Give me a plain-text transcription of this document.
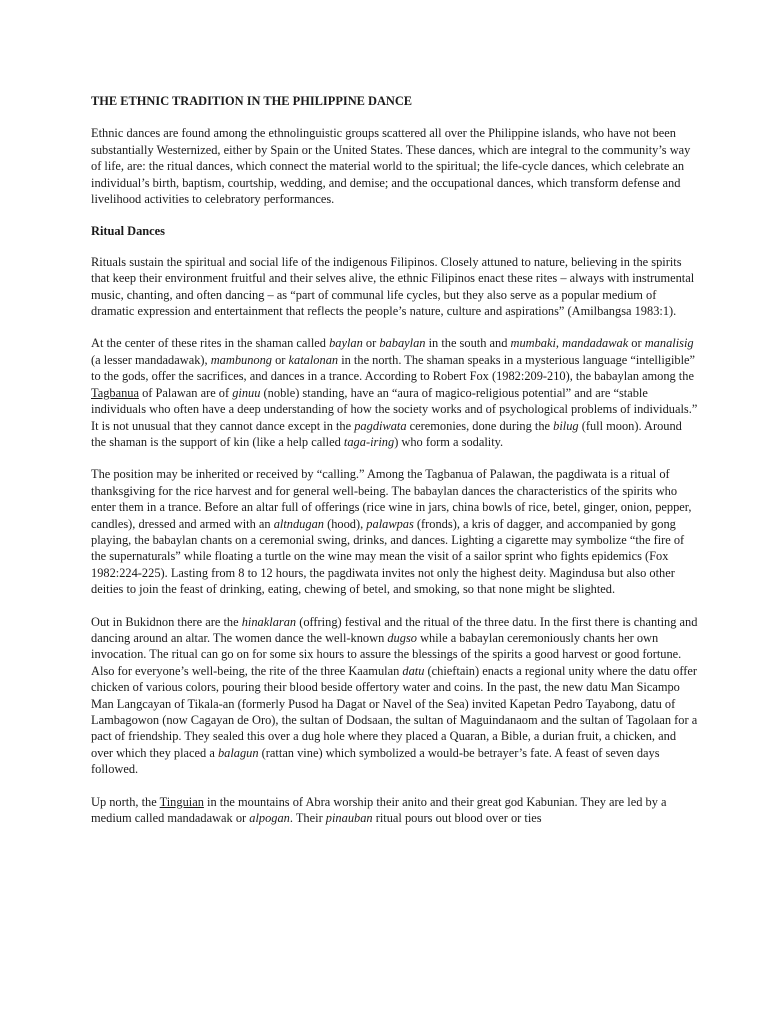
THE ETHNIC TRADITION IN THE PHILIPPINE DANCE

Ethnic dances are found among the ethnolinguistic groups scattered all over the Philippine islands, who have not been substantially Westernized, either by Spain or the United States. These dances, which are integral to the community’s way of life, are: the ritual dances, which connect the material world to the spiritual; the life-cycle dances, which celebrate an individual’s birth, baptism, courtship, wedding, and demise; and the occupational dances, which transform defense and livelihood activities to celebratory performances.

Ritual Dances

Rituals sustain the spiritual and social life of the indigenous Filipinos. Closely attuned to nature, believing in the spirits that keep their environment fruitful and their selves alive, the ethnic Filipinos enact these rites – always with instrumental music, chanting, and often dancing – as “part of communal life cycles, but they also serve as a popular medium of dramatic expression and entertainment that reflects the people’s nature, culture and aspirations” (Amilbangsa 1983:1).

At the center of these rites in the shaman called baylan or babaylan in the south and mumbaki, mandadawak or manalisig (a lesser mandadawak), mambunong or katalonan in the north. The shaman speaks in a mysterious language “intelligible” to the gods, offer the sacrifices, and dances in a trance. According to Robert Fox (1982:209-210), the babaylan among the Tagbanua of Palawan are of ginuu (noble) standing, have an “aura of magico-religious potential” and are “stable individuals who often have a deep understanding of how the society works and of psychological problems of individuals.” It is not unusual that they cannot dance except in the pagdiwata ceremonies, done during the bilug (full moon). Around the shaman is the support of kin (like a help called taga-iring) who form a sodality.

The position may be inherited or received by “calling.” Among the Tagbanua of Palawan, the pagdiwata is a ritual of thanksgiving for the rice harvest and for general well-being. The babaylan dances the characteristics of the spirits who enter them in a trance. Before an altar full of offerings (rice wine in jars, china bowls of rice, betel, ginger, onion, pepper, candles), dressed and armed with an altndugan (hood), palawpas (fronds), a kris of dagger, and accompanied by gong playing, the babaylan chants on a ceremonial swing, drinks, and dances. Lighting a cigarette may symbolize “the fire of the supernaturals” while floating a turtle on the wine may mean the visit of a sailor sprint who fights epidemics (Fox 1982:224-225). Lasting from 8 to 12 hours, the pagdiwata invites not only the highest deity. Magindusa but also other deities to join the feast of drinking, eating, chewing of betel, and smoking, so that none might be slighted.

Out in Bukidnon there are the hinaklaran (offring) festival and the ritual of the three datu. In the first there is chanting and dancing around an altar. The women dance the well-known dugso while a babaylan ceremoniously chants her own invocation. The ritual can go on for some six hours to assure the blessings of the spirits a good harvest or good fortune. Also for everyone’s well-being, the rite of the three Kaamulan datu (chieftain) enacts a regional unity where the datu offer chicken of various colors, pouring their blood beside offertory water and coins. In the past, the new datu Man Sicampo Man Langcayan of Tikala-an (formerly Pusod ha Dagat or Navel of the Sea) invited Kapetan Pedro Tayabong, datu of Lambagowon (now Cagayan de Oro), the sultan of Dodsaan, the sultan of Maguindanaom and the sultan of Tagolaan for a pact of friendship. They sealed this over a dug hole where they placed a Quaran, a Bible, a durian fruit, a chicken, and over which they placed a balagun (rattan vine) which symbolized a would-be betrayer’s fate. A feast of seven days followed.

Up north, the Tinguian in the mountains of Abra worship their anito and their great god Kabunian. They are led by a medium called mandadawak or alpogan. Their pinauban ritual pours out blood over or ties
